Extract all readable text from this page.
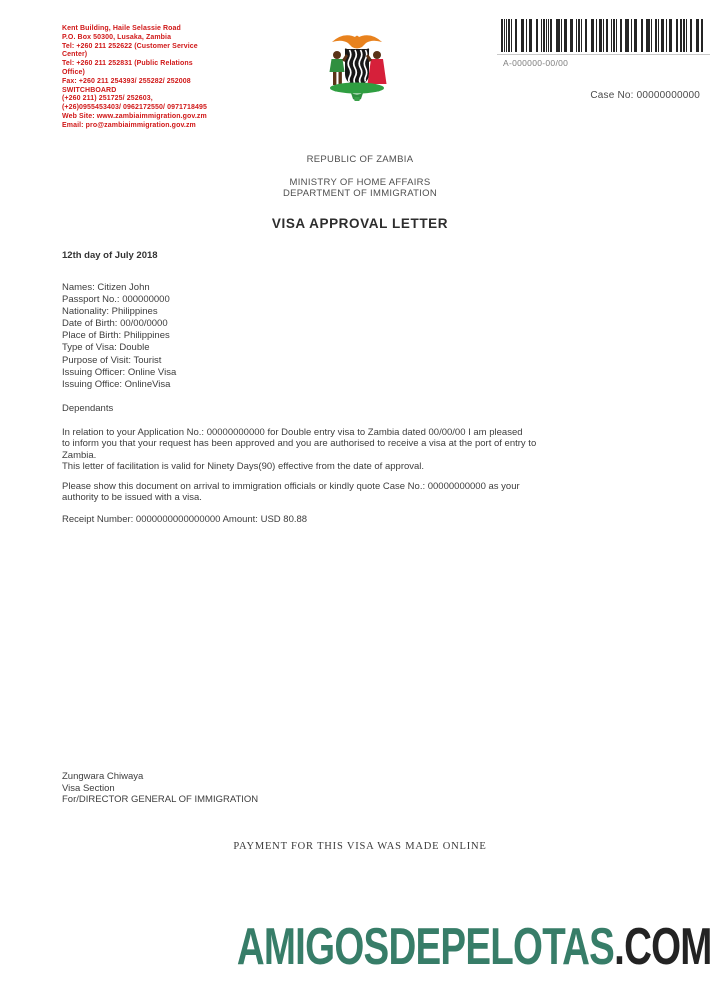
Kent Building, Haile Selassie Road
P.O. Box 50300, Lusaka, Zambia
Tel: +260 211 252622 (Customer Service
Center)
Tel: +260 211 252831 (Public Relations
Office)
Fax: +260 211 254393/ 255282/ 252008
SWITCHBOARD
(+260 211) 251725/ 252603,
(+26)0955453403/ 0962172550/ 0971718495
Web Site: www.zambiaimmigration.gov.zm
Email: pro@zambiaimmigration.gov.zm
A-000000-00/00
Case No: 00000000000
REPUBLIC OF ZAMBIA
MINISTRY OF HOME AFFAIRS
DEPARTMENT OF IMMIGRATION
VISA APPROVAL LETTER
12th day of July 2018
Names: Citizen John
Passport No.: 000000000
Nationality: Philippines
Date of Birth: 00/00/0000
Place of Birth: Philippines
Type of Visa: Double
Purpose of Visit: Tourist
Issuing Officer: Online Visa
Issuing Office: OnlineVisa
Dependants
In relation to your Application No.: 00000000000 for Double entry visa to Zambia dated 00/00/00 I am pleased
to inform you that your request has been approved and you are authorised to receive a visa at the port of entry to
Zambia.
This letter of facilitation is valid for Ninety Days(90) effective from the date of approval.
Please show this document on arrival to immigration officials or kindly quote Case No.: 00000000000 as your
authority to be issued with a visa.
Receipt Number: 0000000000000000 Amount: USD 80.88
Zungwara Chiwaya
Visa Section
For/DIRECTOR GENERAL OF IMMIGRATION
PAYMENT FOR THIS VISA WAS MADE ONLINE
AMIGOSDEPELOTAS.COM
